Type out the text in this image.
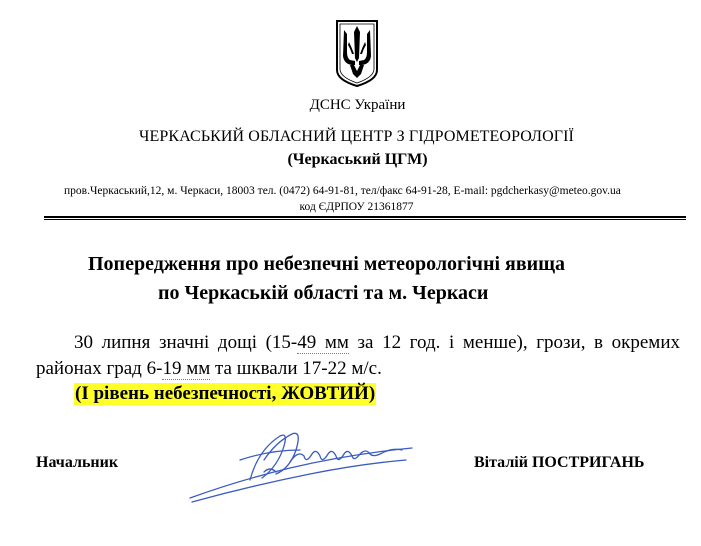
ДСНС України
ЧЕРКАСЬКИЙ ОБЛАСНИЙ ЦЕНТР З ГІДРОМЕТЕОРОЛОГІЇ
(Черкаський ЦГМ)
пров.Черкаський,12, м. Черкаси, 18003 тел. (0472) 64-91-81, тел/факс 64-91-28, E-mail: pgdcherkasy@meteo.gov.ua
код ЄДРПОУ 21361877
Попередження про небезпечні метеорологічні явища
по Черкаській області та м. Черкаси
30 липня значні дощі (15-49 мм за 12 год. і менше), грози, в окремих районах град 6-19 мм та шквали 17-22 м/с.
(І рівень небезпечності, ЖОВТИЙ)
Начальник	Віталій ПОСТРИГАНЬ
